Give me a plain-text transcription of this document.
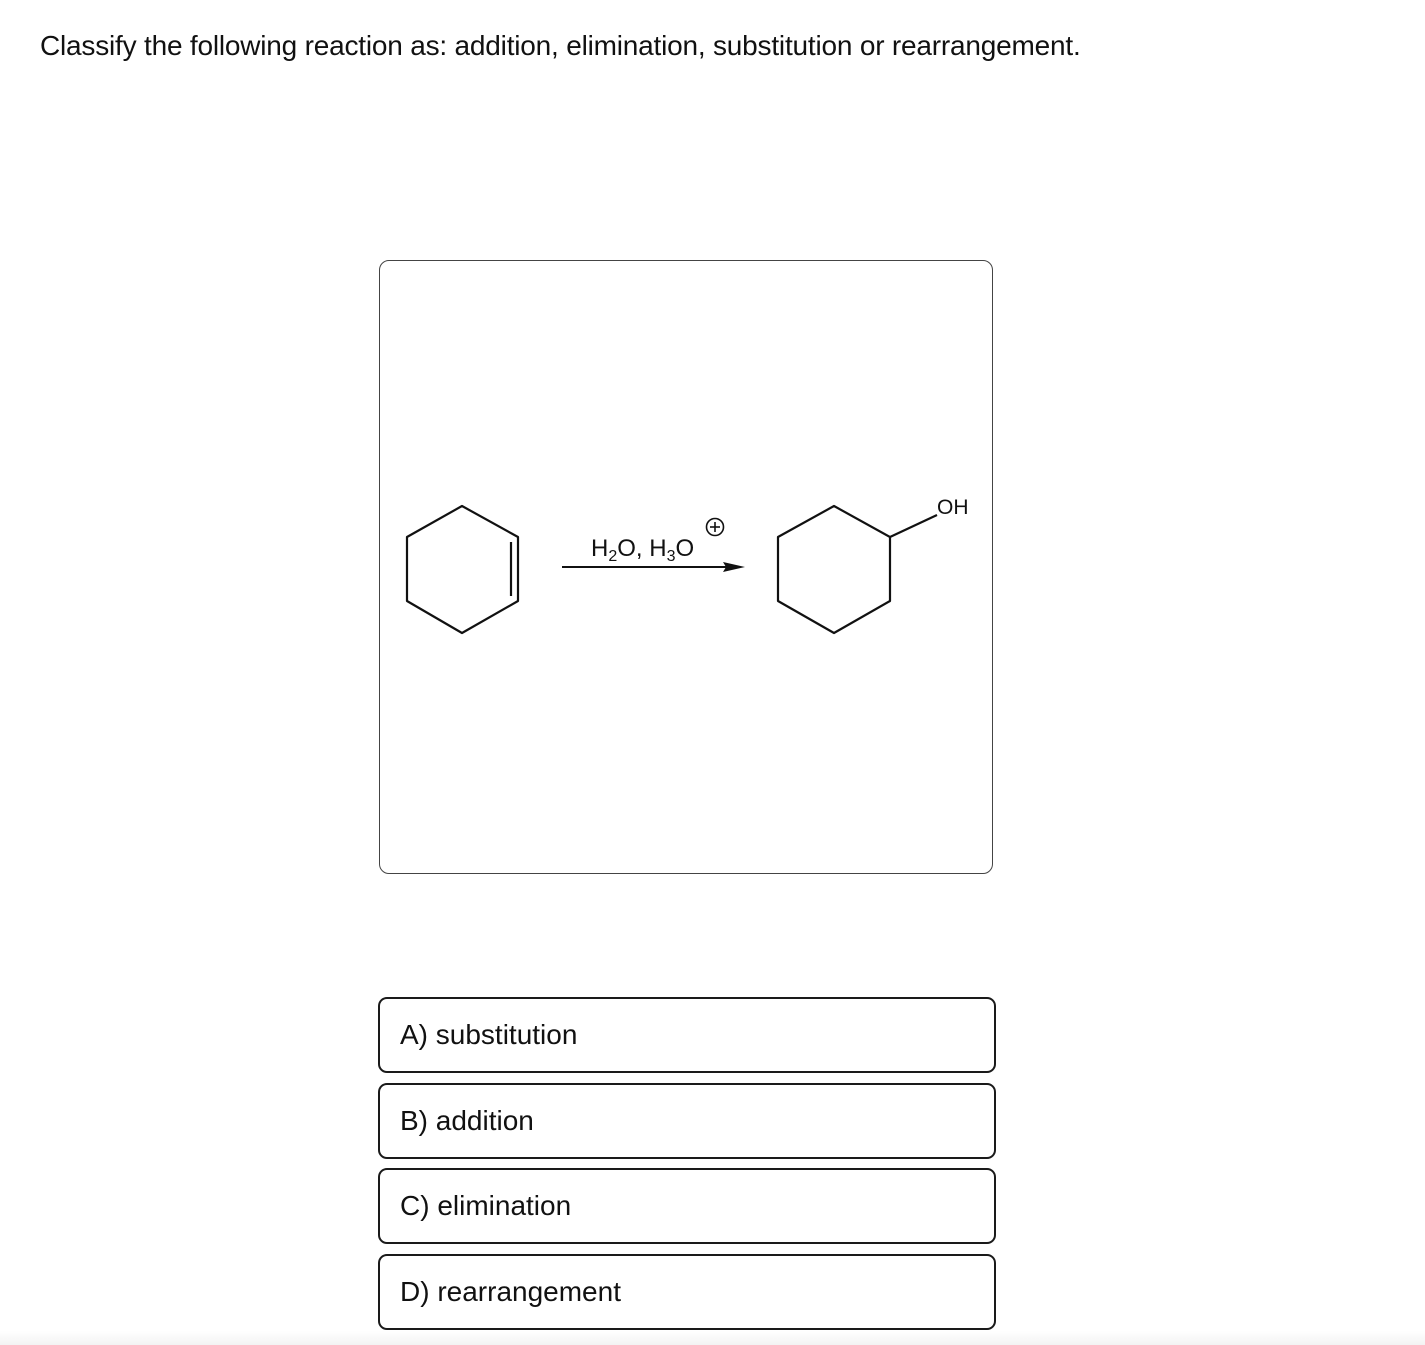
Classify the following reaction as: addition, elimination, substitution or rearrangement.
$H_2O$, $H_3O$
OH
A) substitution
B) addition
C) elimination
D) rearrangement
